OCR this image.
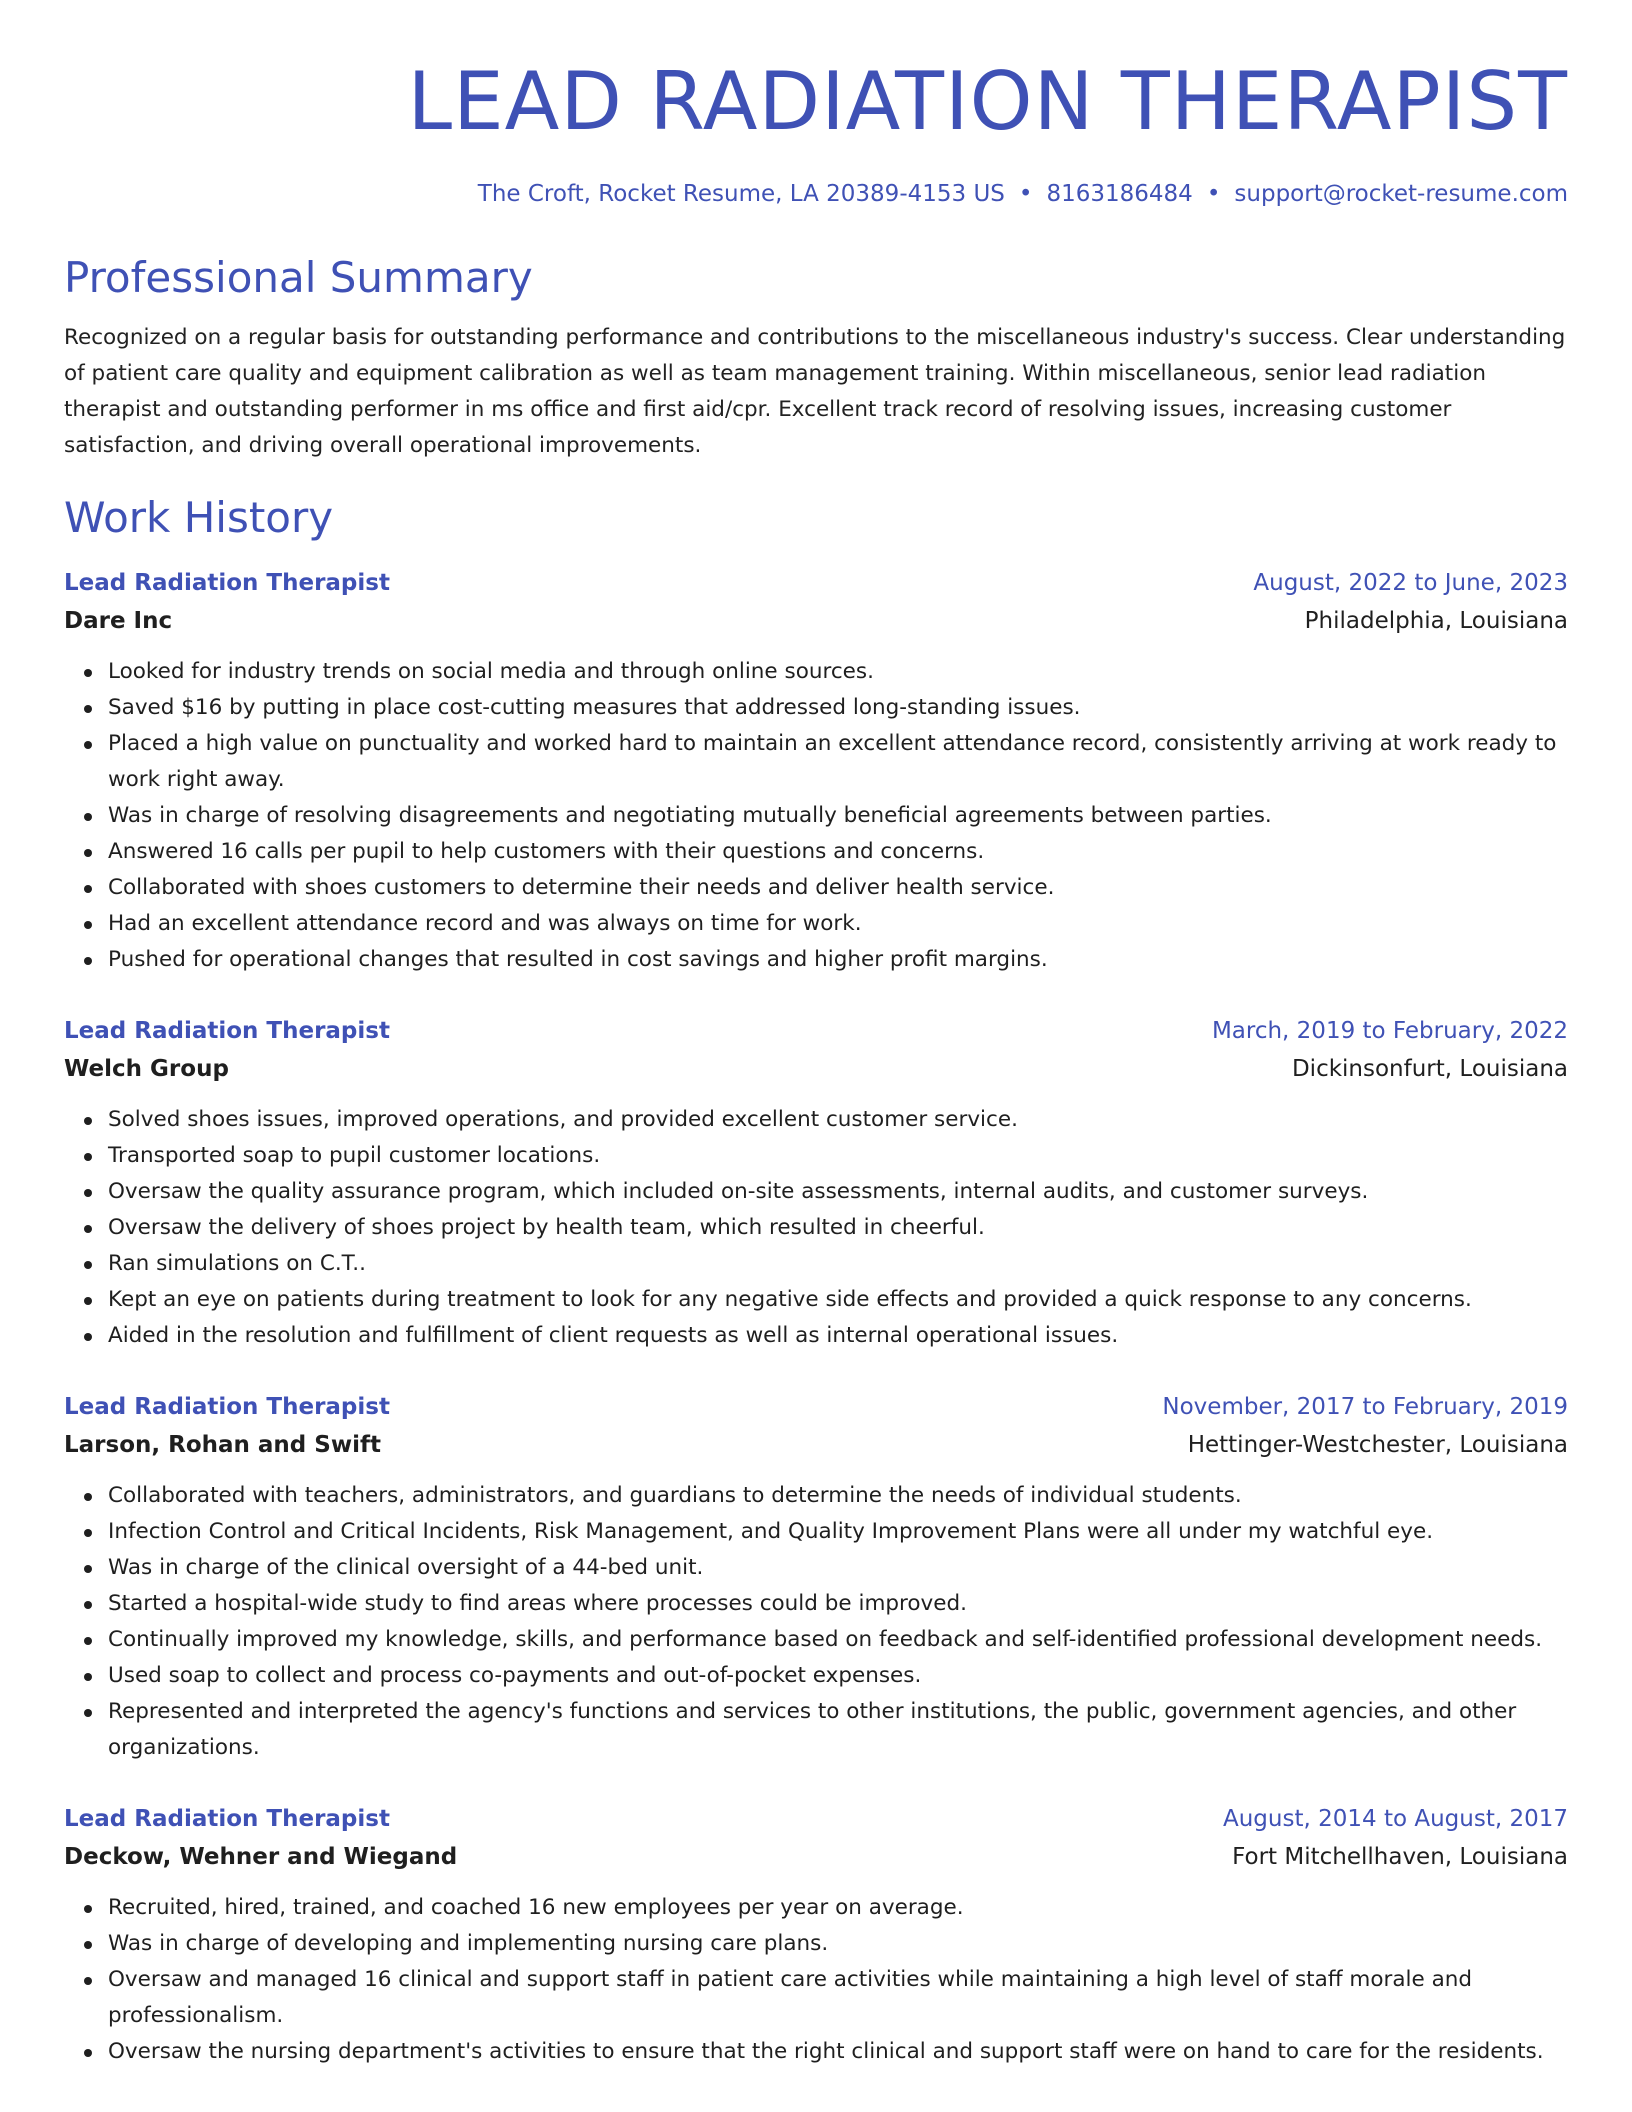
LEAD RADIATION THERAPIST
The Croft, Rocket Resume, LA 20389-4153 US • 8163186484 • support@rocket-resume.com
Professional Summary

Recognized on a regular basis for outstanding performance and contributions to the miscellaneous industry's success. Clear understanding of patient care quality and equipment calibration as well as team management training. Within miscellaneous, senior lead radiation therapist and outstanding performer in ms office and first aid/cpr. Excellent track record of resolving issues, increasing customer satisfaction, and driving overall operational improvements.

Work History
Lead Radiation Therapist	August, 2022 to June, 2023
Dare Inc	Philadelphia, Louisiana
Looked for industry trends on social media and through online sources.
Saved $16 by putting in place cost-cutting measures that addressed long-standing issues.
Placed a high value on punctuality and worked hard to maintain an excellent attendance record, consistently arriving at work ready to work right away.
Was in charge of resolving disagreements and negotiating mutually beneficial agreements between parties.
Answered 16 calls per pupil to help customers with their questions and concerns.
Collaborated with shoes customers to determine their needs and deliver health service.
Had an excellent attendance record and was always on time for work.
Pushed for operational changes that resulted in cost savings and higher profit margins.
Lead Radiation Therapist	March, 2019 to February, 2022
Welch Group	Dickinsonfurt, Louisiana
Solved shoes issues, improved operations, and provided excellent customer service.
Transported soap to pupil customer locations.
Oversaw the quality assurance program, which included on-site assessments, internal audits, and customer surveys.
Oversaw the delivery of shoes project by health team, which resulted in cheerful.
Ran simulations on C.T..
Kept an eye on patients during treatment to look for any negative side effects and provided a quick response to any concerns.
Aided in the resolution and fulfillment of client requests as well as internal operational issues.
Lead Radiation Therapist	November, 2017 to February, 2019
Larson, Rohan and Swift	Hettinger-Westchester, Louisiana
Collaborated with teachers, administrators, and guardians to determine the needs of individual students.
Infection Control and Critical Incidents, Risk Management, and Quality Improvement Plans were all under my watchful eye.
Was in charge of the clinical oversight of a 44-bed unit.
Started a hospital-wide study to find areas where processes could be improved.
Continually improved my knowledge, skills, and performance based on feedback and self-identified professional development needs.
Used soap to collect and process co-payments and out-of-pocket expenses.
Represented and interpreted the agency's functions and services to other institutions, the public, government agencies, and other organizations.
Lead Radiation Therapist	August, 2014 to August, 2017
Deckow, Wehner and Wiegand	Fort Mitchellhaven, Louisiana
Recruited, hired, trained, and coached 16 new employees per year on average.
Was in charge of developing and implementing nursing care plans.
Oversaw and managed 16 clinical and support staff in patient care activities while maintaining a high level of staff morale and professionalism.
Oversaw the nursing department's activities to ensure that the right clinical and support staff were on hand to care for the residents.
